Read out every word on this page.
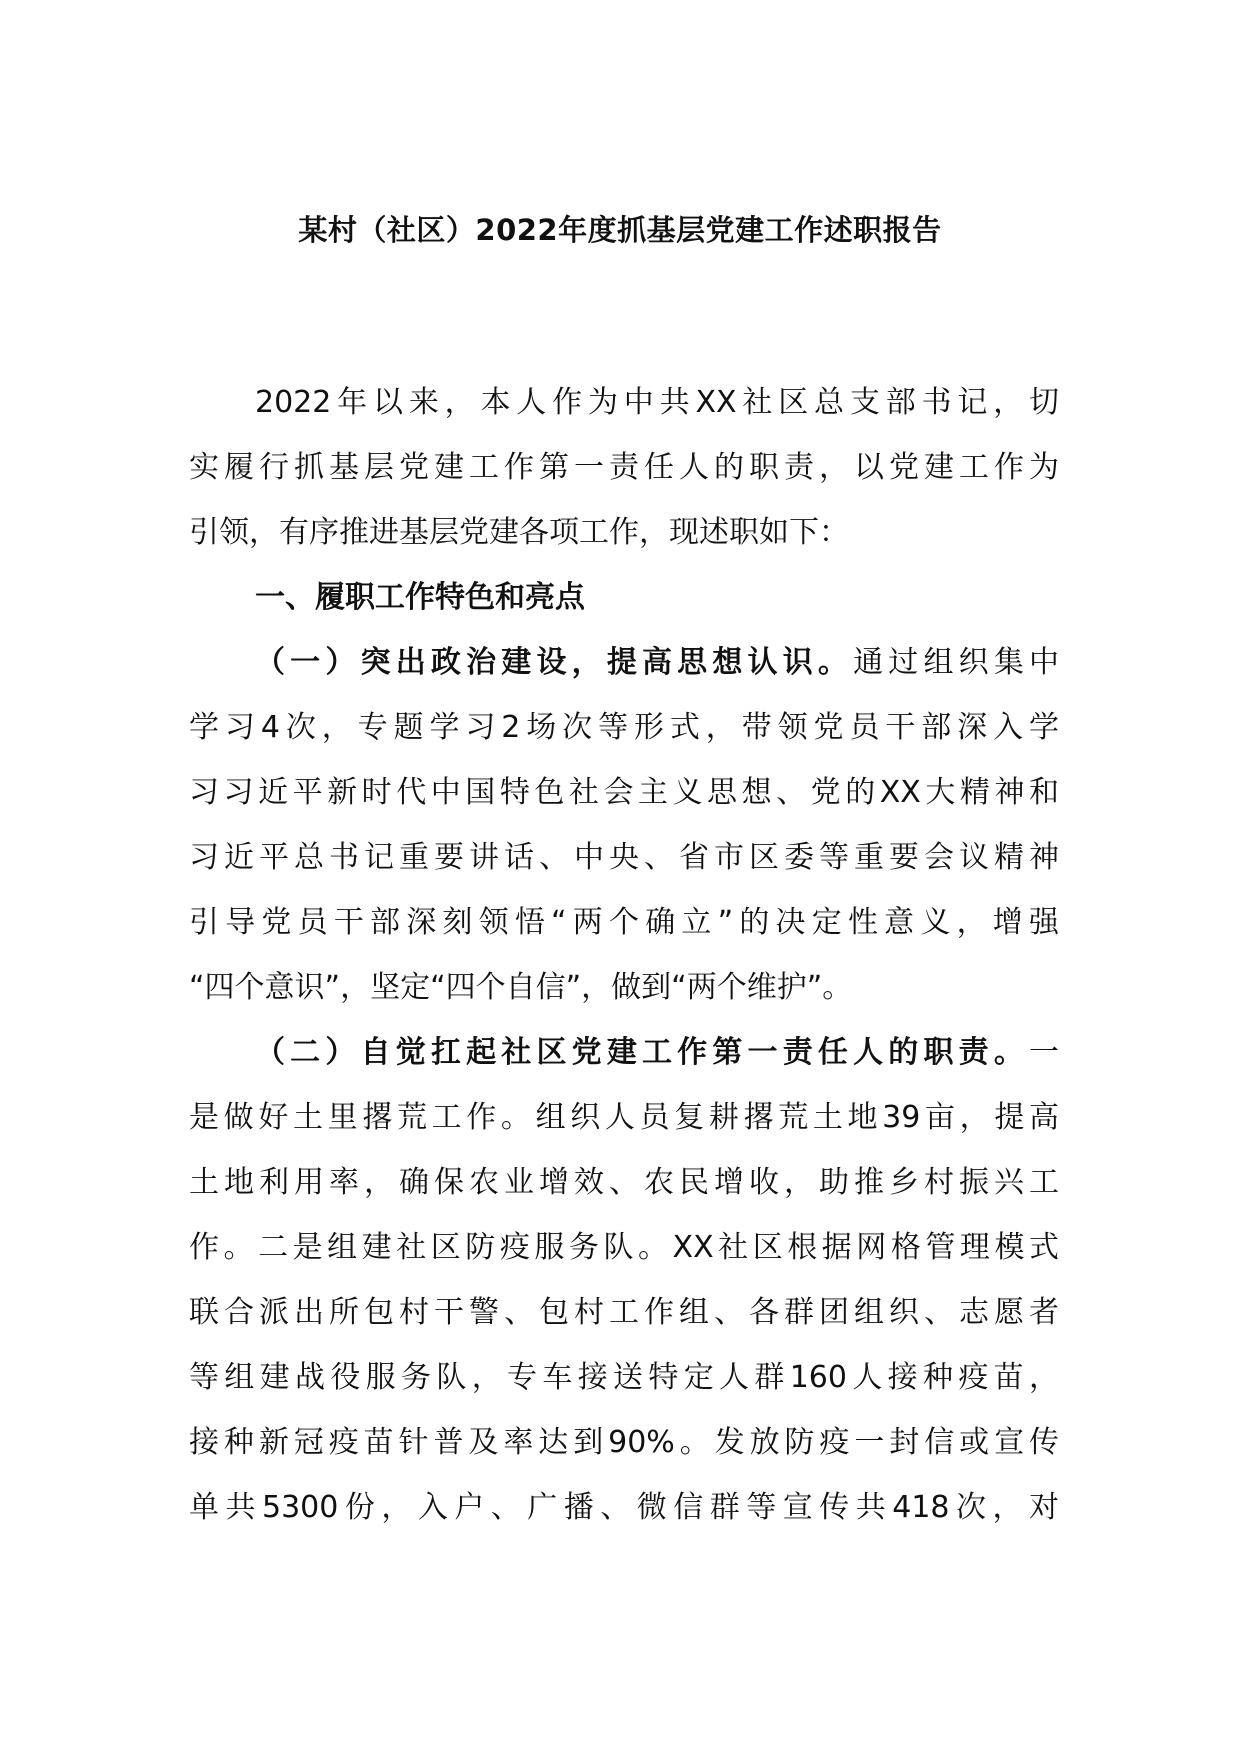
某村（社区）2022年度抓基层党建工作述职报告
2022年以来，本人作为中共XX社区总支部书记，切
实履行抓基层党建工作第一责任人的职责，以党建工作为
引领，有序推进基层党建各项工作，现述职如下：
一、履职工作特色和亮点
（一）突出政治建设，提高思想认识。通过组织集中
学习4次，专题学习2场次等形式，带领党员干部深入学
习习近平新时代中国特色社会主义思想、党的XX大精神和
习近平总书记重要讲话、中央、省市区委等重要会议精神
引导党员干部深刻领悟“两个确立”的决定性意义，增强
“四个意识”，坚定“四个自信”，做到“两个维护”。
（二）自觉扛起社区党建工作第一责任人的职责。一
是做好土里撂荒工作。组织人员复耕撂荒土地39亩，提高
土地利用率，确保农业增效、农民增收，助推乡村振兴工
作。二是组建社区防疫服务队。XX社区根据网格管理模式
联合派出所包村干警、包村工作组、各群团组织、志愿者
等组建战役服务队，专车接送特定人群160人接种疫苗，
接种新冠疫苗针普及率达到90%。发放防疫一封信或宣传
单共5300份，入户、广播、微信群等宣传共418次，对
